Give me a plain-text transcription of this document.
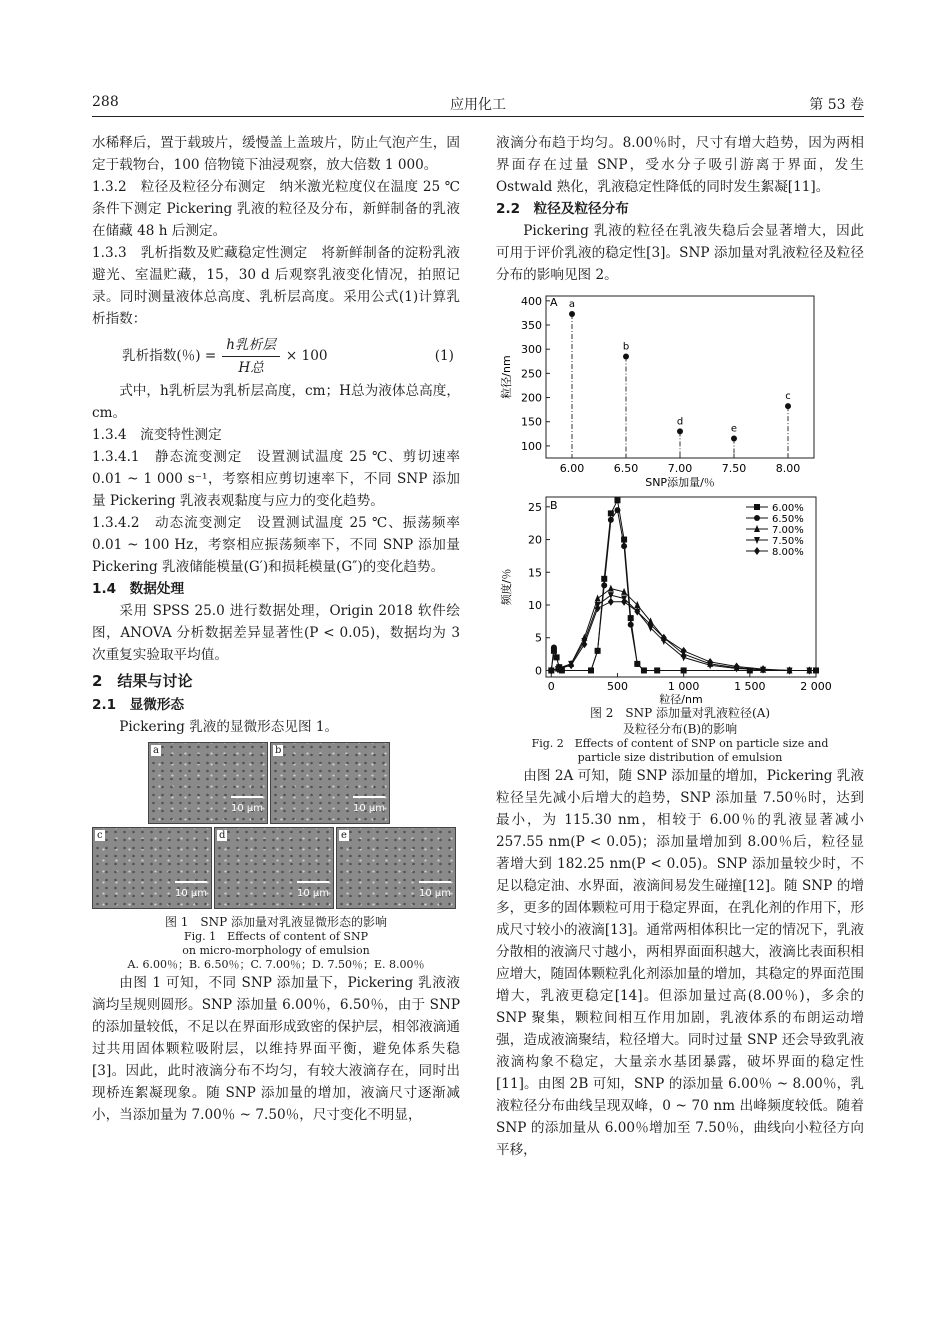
288	应用化工	第 53 卷

水稀释后，置于载玻片，缓慢盖上盖玻片，防止气泡产生，固定于载物台，100 倍物镜下油浸观察，放大倍数 1 000。

1.3.2　粒径及粒径分布测定　 纳米激光粒度仪在温度 25 ℃ 条件下测定 Pickering 乳液的粒径及分布，新鲜制备的乳液在储藏 48 h 后测定。

1.3.3　乳析指数及贮藏稳定性测定　 将新鲜制备的淀粉乳液避光、室温贮藏，15，30 d 后观察乳液变化情况，拍照记录。同时测量液体总高度、乳析层高度。采用公式(1)计算乳析指数：

乳析指数(％) = $\frac{\text{h乳析层}}{\text{H总}} \times 100$	(1)

式中，h乳析层为乳析层高度，cm；H总为液体总高度，cm。

1.3.4　流变特性测定

1.3.4.1　静态流变测定　 设置测试温度 25 ℃、剪切速率 0.01 ~ 1 000 s⁻¹，考察相应剪切速率下，不同 SNP 添加量 Pickering 乳液表观黏度与应力的变化趋势。

1.3.4.2　动态流变测定　 设置测试温度 25 ℃、振荡频率 0.01 ~ 100 Hz，考察相应振荡频率下，不同 SNP 添加量 Pickering 乳液储能模量(G′)和损耗模量(G″)的变化趋势。

1.4　数据处理

采用 SPSS 25.0 进行数据处理，Origin 2018 软件绘图，ANOVA 分析数据差异显著性(P < 0.05)，数据均为 3 次重复实验取平均值。

2　结果与讨论

2.1　显微形态

Pickering 乳液的显微形态见图 1。

a
10 μm
b
10 μm
c
10 μm
d
10 μm
e
10 μm
图 1　SNP 添加量对乳液显微形态的影响
Fig. 1　Effects of content of SNP
on micro-morphology of emulsion
A. 6.00％；B. 6.50％；C. 7.00％；D. 7.50％；E. 8.00％

由图 1 可知，不同 SNP 添加量下，Pickering 乳液液滴均呈规则圆形。SNP 添加量 6.00％，6.50％，由于 SNP 的添加量较低，不足以在界面形成致密的保护层，相邻液滴通过共用固体颗粒吸附层，以维持界面平衡，避免体系失稳[3]。因此，此时液滴分布不均匀，有较大液滴存在，同时出现桥连絮凝现象。随 SNP 添加量的增加，液滴尺寸逐渐减小，当添加量为 7.00％ ~ 7.50％，尺寸变化不明显，

液滴分布趋于均匀。8.00％时，尺寸有增大趋势，因为两相界面存在过量 SNP，受水分子吸引游离于界面，发生 Ostwald 熟化，乳液稳定性降低的同时发生絮凝[11]。

2.2　粒径及粒径分布

Pickering 乳液的粒径在乳液失稳后会显著增大，因此可用于评价乳液的稳定性[3]。SNP 添加量对乳液粒径及粒径分布的影响见图 2。

100
150
200
250
300
350
400
6.00	6.50	7.00	7.50	8.00
a
b
d
e
c
A
SNP添加量/％
粒径/nm
0
5
10
15
20
25
0	500	1 000	1 500	2 000
6.00%
6.50%
7.00%
7.50%
8.00%
B
粒径/nm
频度/％
图 2　SNP 添加量对乳液粒径(A)
及粒径分布(B)的影响
Fig. 2　Effects of content of SNP on particle size and
particle size distribution of emulsion

由图 2A 可知，随 SNP 添加量的增加，Pickering 乳液粒径呈先减小后增大的趋势，SNP 添加量 7.50％时，达到最小，为 115.30 nm，相较于 6.00％的乳液显著减小 257.55 nm(P < 0.05)；添加量增加到 8.00％后，粒径显著增大到 182.25 nm(P < 0.05)。SNP 添加量较少时，不足以稳定油、水界面，液滴间易发生碰撞[12]。随 SNP 的增多，更多的固体颗粒可用于稳定界面，在乳化剂的作用下，形成尺寸较小的液滴[13]。通常两相体积比一定的情况下，乳液分散相的液滴尺寸越小，两相界面面积越大，液滴比表面积相应增大，随固体颗粒乳化剂添加量的增加，其稳定的界面范围增大，乳液更稳定[14]。但添加量过高(8.00％)，多余的 SNP 聚集，颗粒间相互作用加剧，乳液体系的布朗运动增强，造成液滴聚结，粒径增大。同时过量 SNP 还会导致乳液液滴构象不稳定，大量亲水基团暴露，破坏界面的稳定性[11]。由图 2B 可知，SNP 的添加量 6.00％ ~ 8.00％，乳液粒径分布曲线呈现双峰，0 ~ 70 nm 出峰频度较低。随着 SNP 的添加量从 6.00％增加至 7.50％，曲线向小粒径方向平移，
